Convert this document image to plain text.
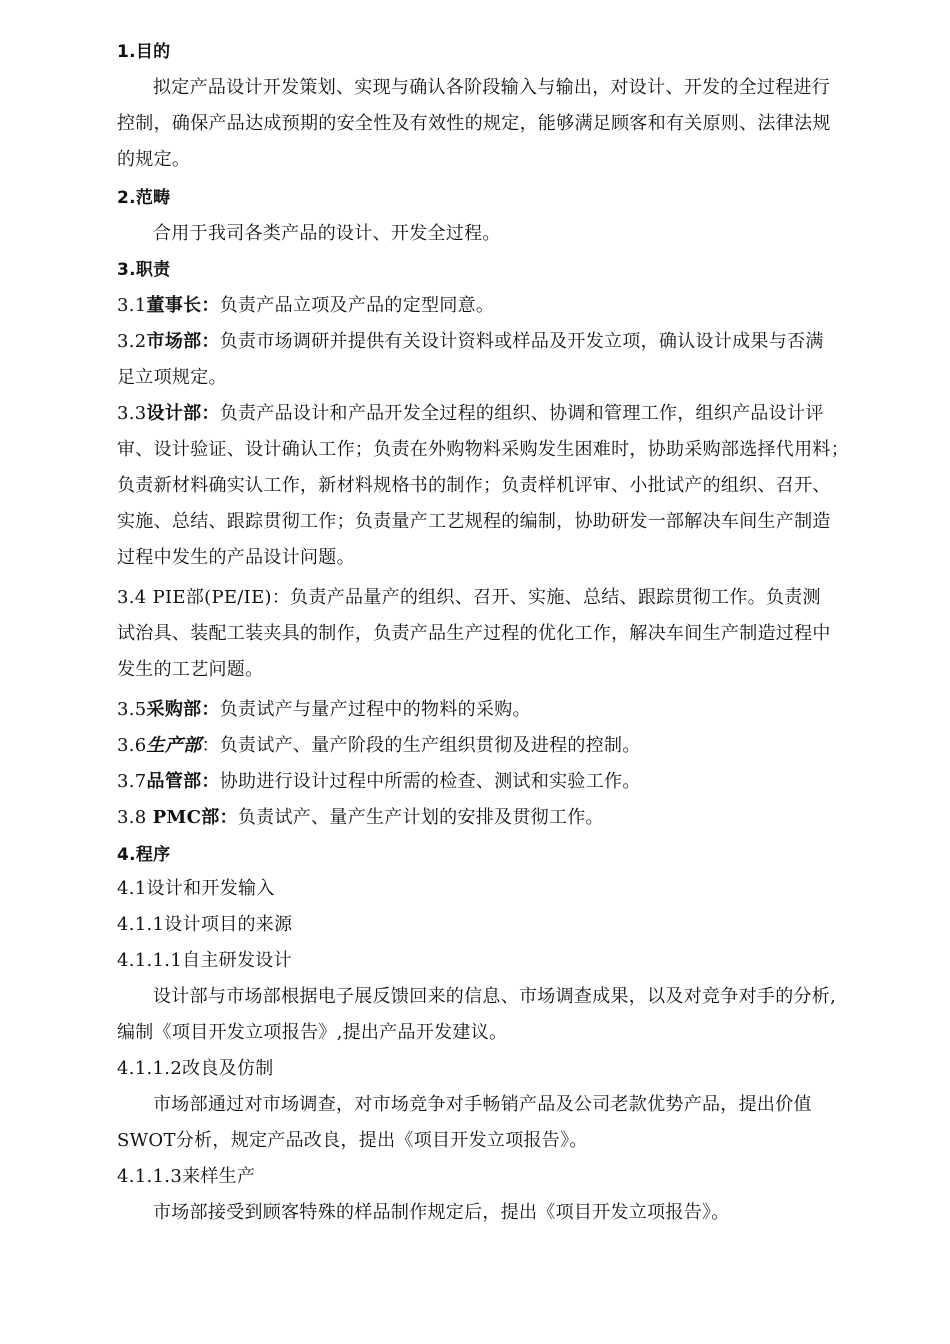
1.目的
拟定产品设计开发策划、实现与确认各阶段输入与输出，对设计、开发的全过程进行
控制，确保产品达成预期的安全性及有效性的规定，能够满足顾客和有关原则、法律法规
的规定。
2.范畴
合用于我司各类产品的设计、开发全过程。
3.职责
3.1董事长：负责产品立项及产品的定型同意。
3.2市场部：负责市场调研并提供有关设计资料或样品及开发立项，确认设计成果与否满
足立项规定。
3.3设计部：负责产品设计和产品开发全过程的组织、协调和管理工作，组织产品设计评
审、设计验证、设计确认工作；负责在外购物料采购发生困难时，协助采购部选择代用料；
负责新材料确实认工作，新材料规格书的制作；负责样机评审、小批试产的组织、召开、
实施、总结、跟踪贯彻工作；负责量产工艺规程的编制，协助研发一部解决车间生产制造
过程中发生的产品设计问题。
3.4 PIE部(PE/IE)：负责产品量产的组织、召开、实施、总结、跟踪贯彻工作。负责测
试治具、装配工装夹具的制作，负责产品生产过程的优化工作，解决车间生产制造过程中
发生的工艺问题。
3.5采购部：负责试产与量产过程中的物料的采购。
3.6生产部：负责试产、量产阶段的生产组织贯彻及进程的控制。
3.7品管部：协助进行设计过程中所需的检查、测试和实验工作。
3.8 PMC部：负责试产、量产生产计划的安排及贯彻工作。
4.程序
4.1设计和开发输入
4.1.1设计项目的来源
4.1.1.1自主研发设计
设计部与市场部根据电子展反馈回来的信息、市场调查成果，以及对竞争对手的分析,
编制《项目开发立项报告》,提出产品开发建议。
4.1.1.2改良及仿制
市场部通过对市场调查，对市场竞争对手畅销产品及公司老款优势产品，提出价值
SWOT分析，规定产品改良，提出《项目开发立项报告》。
4.1.1.3来样生产
市场部接受到顾客特殊的样品制作规定后，提出《项目开发立项报告》。
